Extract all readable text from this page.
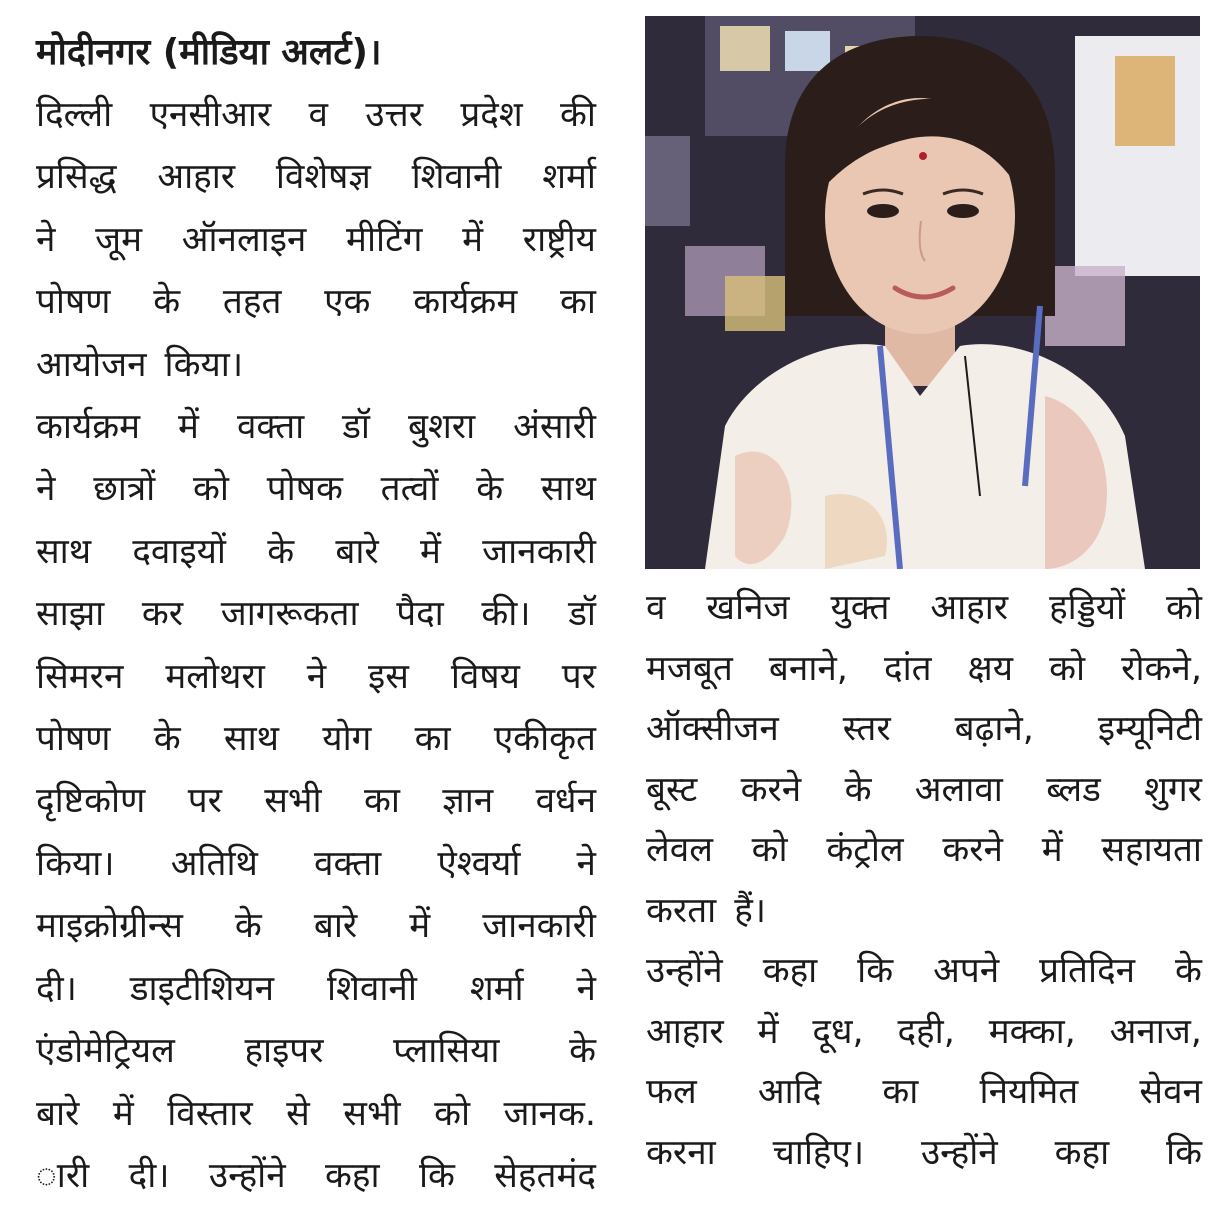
मोदीनगर (मीडिया अलर्ट)।
दिल्ली एनसीआर व उत्तर प्रदेश की
प्रसिद्ध आहार विशेषज्ञ शिवानी शर्मा
ने जूम ऑनलाइन मीटिंग में राष्ट्रीय
पोषण के तहत एक कार्यक्रम का
आयोजन किया।
कार्यक्रम में वक्ता डॉ बुशरा अंसारी
ने छात्रों को पोषक तत्वों के साथ
साथ दवाइयों के बारे में जानकारी
साझा कर जागरूकता पैदा की। डॉ
सिमरन मलोथरा ने इस विषय पर
पोषण के साथ योग का एकीकृत
दृष्टिकोण पर सभी का ज्ञान वर्धन
किया। अतिथि वक्ता ऐश्वर्या ने
माइक्रोग्रीन्स के बारे में जानकारी
दी। डाइटीशियन शिवानी शर्मा ने
एंडोमेट्रियल हाइपर प्लासिया के
बारे में विस्तार से सभी को जानक.
ारी दी। उन्होंने कहा कि सेहतमंद
व खनिज युक्त आहार हड्डियों को
मजबूत बनाने, दांत क्षय को रोकने,
ऑक्सीजन स्तर बढ़ाने, इम्यूनिटी
बूस्ट करने के अलावा ब्लड शुगर
लेवल को कंट्रोल करने में सहायता
करता हैं।
उन्होंने कहा कि अपने प्रतिदिन के
आहार में दूध, दही, मक्का, अनाज,
फल आदि का नियमित सेवन
करना चाहिए। उन्होंने कहा कि
